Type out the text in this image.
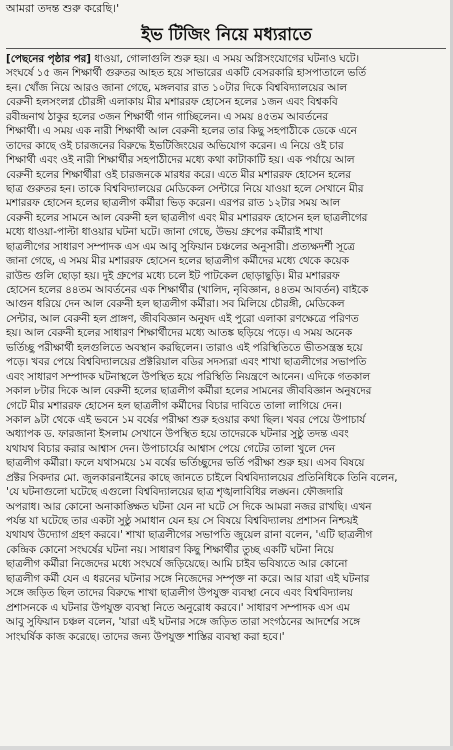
আমরা তদন্ত শুরু করেছি।'
ইভ টিজিং নিয়ে মধ্যরাতে
[পেছনের পৃষ্ঠার পর] ধাওয়া, গোলাগুলি শুরু হয়। এ সময় অগ্নিসংযোগের ঘটনাও ঘটে।
সংঘর্ষে ১৫ জন শিক্ষার্থী গুরুতর আহত হয়ে সাভারের একটি বেসরকারি হাসপাতালে ভর্তি
হন। খোঁজ নিয়ে আরও জানা গেছে, মঙ্গলবার রাত ১০টার দিকে বিশ্ববিদ্যালয়ের আল
বেরুনী হলসংলগ্ন চৌরঙ্গী এলাকায় মীর মশাররফ হোসেন হলের ১জন এবং বিশ্বকবি
রবীন্দ্রনাথ ঠাকুর হলের ৩জন শিক্ষার্থী গান গাচ্ছিলেন। এ সময় ৪৫তম আবর্তনের
শিক্ষার্থী। এ সময় এক নারী শিক্ষার্থী আল বেরুনী হলের তার কিছু সহপাঠীকে ডেকে এনে
তাদের কাছে ওই চারজনের বিরুদ্ধে ইভটিজিংয়ের অভিযোগ করেন। এ নিয়ে ওই চার
শিক্ষার্থী এবং ওই নারী শিক্ষার্থীর সহপাঠীদের মধ্যে কথা কাটাকাটি হয়। এক পর্যায়ে আল
বেরুনী হলের শিক্ষার্থীরা ওই চারজনকে মারধর করে। এতে মীর মশাররফ হোসেন হলের
ছাত্র গুরুতর হন। তাকে বিশ্ববিদ্যালয়ের মেডিকেল সেন্টারে নিয়ে যাওয়া হলে সেখানে মীর
মশাররফ হোসেন হলের ছাত্রলীগ কর্মীরা ভিড় করেন। এরপর রাত ১২টার সময় আল
বেরুনী হলের সামনে আল বেরুনী হল ছাত্রলীগ এবং মীর মশাররফ হোসেন হল ছাত্রলীগের
মধ্যে ধাওয়া-পাল্টা ধাওয়ার ঘটনা ঘটে। জানা গেছে, উভয় গ্রুপের কর্মীরাই শাখা
ছাত্রলীগের সাধারণ সম্পাদক এস এম আবু সুফিয়ান চঞ্চলের অনুসারী। প্রত্যক্ষদর্শী সূত্রে
জানা গেছে, এ সময় মীর মশাররফ হোসেন হলের ছাত্রলীগ কর্মীদের মধ্যে থেকে কয়েক
রাউন্ড গুলি ছোড়া হয়। দুই গ্রুপের মধ্যে চলে ইট পাটকেল ছোড়াছুড়ি। মীর মশাররফ
হোসেন হলের ৪৪তম আবর্তনের এক শিক্ষার্থীর (খালিদ, নৃবিজ্ঞান, ৪৪তম আবর্তন) বাইকে
আগুন ধরিয়ে দেন আল বেরুনী হল ছাত্রলীগ কর্মীরা। সব মিলিয়ে চৌরঙ্গী, মেডিকেল
সেন্টার, আল বেরুনী হল প্রাঙ্গণ, জীববিজ্ঞান অনুষদ এই পুরো এলাকা রণক্ষেত্রে পরিণত
হয়। আল বেরুনী হলের সাধারণ শিক্ষার্থীদের মধ্যে আতঙ্ক ছড়িয়ে পড়ে। এ সময় অনেক
ভর্তিচ্ছু পরীক্ষার্থী হলগুলিতে অবস্থান করছিলেন। তারাও এই পরিস্থিতিতে ভীতসন্ত্রস্ত হয়ে
পড়ে। খবর পেয়ে বিশ্ববিদ্যালয়ের প্রক্টরিয়াল বডির সদস্যরা এবং শাখা ছাত্রলীগের সভাপতি
এবং সাধারণ সম্পাদক ঘটনাস্থলে উপস্থিত হয়ে পরিস্থিতি নিয়ন্ত্রণে আনেন। এদিকে গতকাল
সকাল ৮টার দিকে আল বেরুনী হলের ছাত্রলীগ কর্মীরা হলের সামনের জীববিজ্ঞান অনুষদের
গেটে মীর মশাররফ হোসেন হল ছাত্রলীগ কর্মীদের বিচার দাবিতে তালা লাগিয়ে দেন।
সকাল ৯টা থেকে এই ভবনে ১ম বর্ষের পরীক্ষা শুরু হওয়ার কথা ছিল। খবর পেয়ে উপাচার্য
অধ্যাপক ড. ফারজানা ইসলাম সেখানে উপস্থিত হয়ে তাদেরকে ঘটনার সুষ্ঠু তদন্ত এবং
যথাযথ বিচার করার আশ্বাস দেন। উপাচার্যের আশ্বাস পেয়ে গেটের তালা খুলে দেন
ছাত্রলীগ কর্মীরা। ফলে যথাসময়ে ১ম বর্ষের ভর্তিচ্ছুদের ভর্তি পরীক্ষা শুরু হয়। এসব বিষয়ে
প্রক্টর সিকদার মো. জুলকারনাইনের কাছে জানতে চাইলে বিশ্ববিদ্যালয়ের প্রতিনিধিকে তিনি বলেন,
'যে ঘটনাগুলো ঘটেছে এগুলো বিশ্ববিদ্যালয়ের ছাত্র শৃঙ্খলাবিধির লঙ্ঘন। ফৌজদারি
অপরাধ। আর কোনো অনাকাঙ্ক্ষিত ঘটনা যেন না ঘটে সে দিকে আমরা নজর রাখছি। এখন
পর্যন্ত যা ঘটেছে তার একটা সুষ্ঠু সমাধান যেন হয় সে বিষয়ে বিশ্ববিদ্যালয় প্রশাসন নিশ্চয়ই
যথাযথ উদ্যোগ গ্রহণ করবে।' শাখা ছাত্রলীগের সভাপতি জুয়েল রানা বলেন, 'এটি ছাত্রলীগ
কেন্দ্রিক কোনো সংঘর্ষের ঘটনা নয়। সাধারণ কিছু শিক্ষার্থীর তুচ্ছ একটি ঘটনা নিয়ে
ছাত্রলীগ কর্মীরা নিজেদের মধ্যে সংঘর্ষে জড়িয়েছে। আমি চাইব ভবিষ্যতে আর কোনো
ছাত্রলীগ কর্মী যেন এ ধরনের ঘটনার সঙ্গে নিজেদের সম্পৃক্ত না করে। আর যারা এই ঘটনার
সঙ্গে জড়িত ছিল তাদের বিরুদ্ধে শাখা ছাত্রলীগ উপযুক্ত ব্যবস্থা নেবে এবং বিশ্ববিদ্যালয়
প্রশাসনকে এ ঘটনার উপযুক্ত ব্যবস্থা নিতে অনুরোধ করবে।' সাধারণ সম্পাদক এস এম
আবু সুফিয়ান চঞ্চল বলেন, 'যারা এই ঘটনার সঙ্গে জড়িত তারা সংগঠনের আদর্শের সঙ্গে
সাংঘর্ষিক কাজ করেছে। তাদের জন্য উপযুক্ত শাস্তির ব্যবস্থা করা হবে।'
